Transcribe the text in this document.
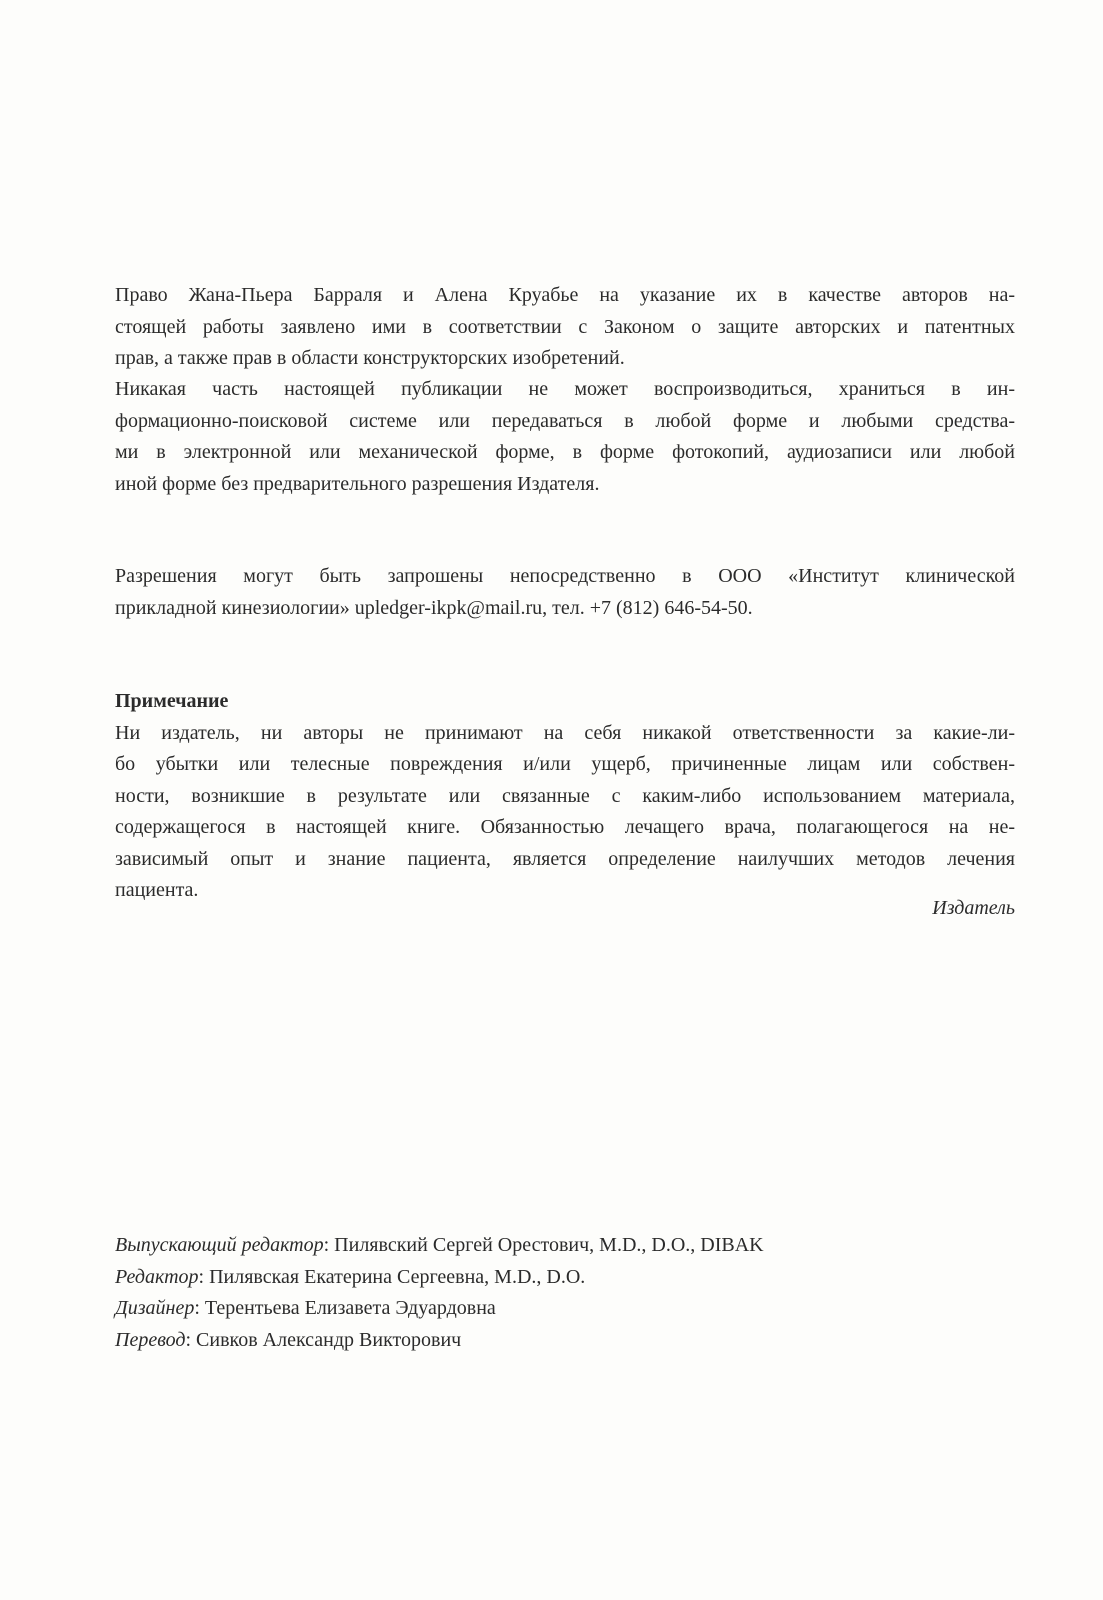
Право Жана-Пьера Барраля и Алена Круабье на указание их в качестве авторов на-
стоящей работы заявлено ими в соответствии с Законом о защите авторских и патентных
прав, а также прав в области конструкторских изобретений.
Никакая часть настоящей публикации не может воспроизводиться, храниться в ин-
формационно-поисковой системе или передаваться в любой форме и любыми средства-
ми в электронной или механической форме, в форме фотокопий, аудиозаписи или любой
иной форме без предварительного разрешения Издателя.
Разрешения могут быть запрошены непосредственно в ООО «Институт клинической
прикладной кинезиологии» upledger-ikpk@mail.ru, тел. +7 (812) 646-54-50.
Примечание
Ни издатель, ни авторы не принимают на себя никакой ответственности за какие-ли-
бо убытки или телесные повреждения и/или ущерб, причиненные лицам или собствен-
ности, возникшие в результате или связанные с каким-либо использованием материала,
содержащегося в настоящей книге. Обязанностью лечащего врача, полагающегося на не-
зависимый опыт и знание пациента, является определение наилучших методов лечения
пациента.
Издатель
Выпускающий редактор: Пилявский Сергей Орестович, M.D., D.O., DIBAK
Редактор: Пилявская Екатерина Сергеевна, M.D., D.O.
Дизайнер: Терентьева Елизавета Эдуардовна
Перевод: Сивков Александр Викторович
